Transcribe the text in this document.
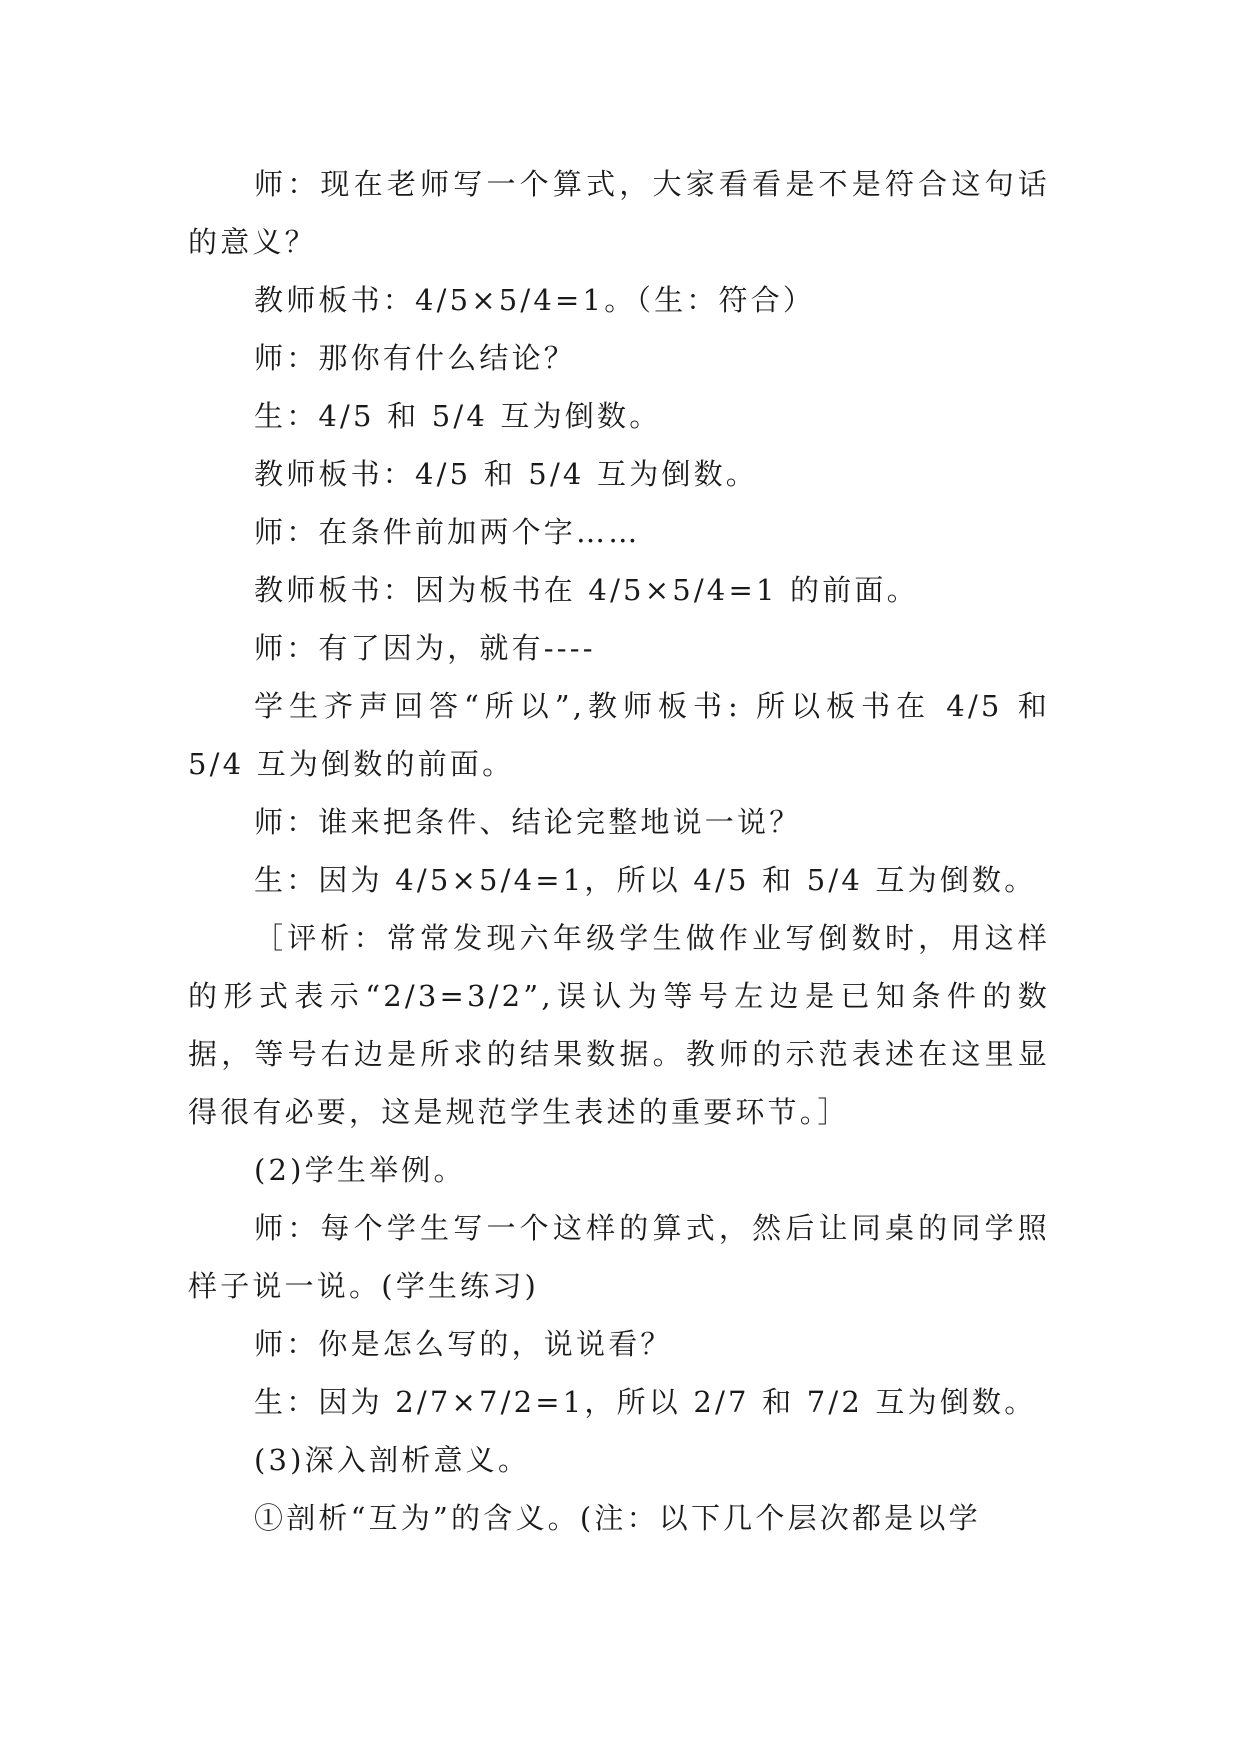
师：现在老师写一个算式，大家看看是不是符合这句话的意义？

教师板书：4/5×5/4=1。（生：符合）

师：那你有什么结论？

生：4/5 和 5/4 互为倒数。

教师板书：4/5 和 5/4 互为倒数。

师：在条件前加两个字……

教师板书：因为板书在 4/5×5/4=1 的前面。

师：有了因为，就有----

学生齐声回答“所以”,教师板书: 所以板书在 4/5 和 5/4 互为倒数的前面。

师：谁来把条件、结论完整地说一说？

生：因为 4/5×5/4=1，所以 4/5 和 5/4 互为倒数。

［评析：常常发现六年级学生做作业写倒数时，用这样的形式表示“2/3=3/2”,误认为等号左边是已知条件的数据，等号右边是所求的结果数据。教师的示范表述在这里显得很有必要，这是规范学生表述的重要环节。］

(2)学生举例。

师：每个学生写一个这样的算式，然后让同桌的同学照样子说一说。(学生练习)

师：你是怎么写的，说说看？

生：因为 2/7×7/2=1，所以 2/7 和 7/2 互为倒数。

(3)深入剖析意义。

①剖析“互为”的含义。(注：以下几个层次都是以学
